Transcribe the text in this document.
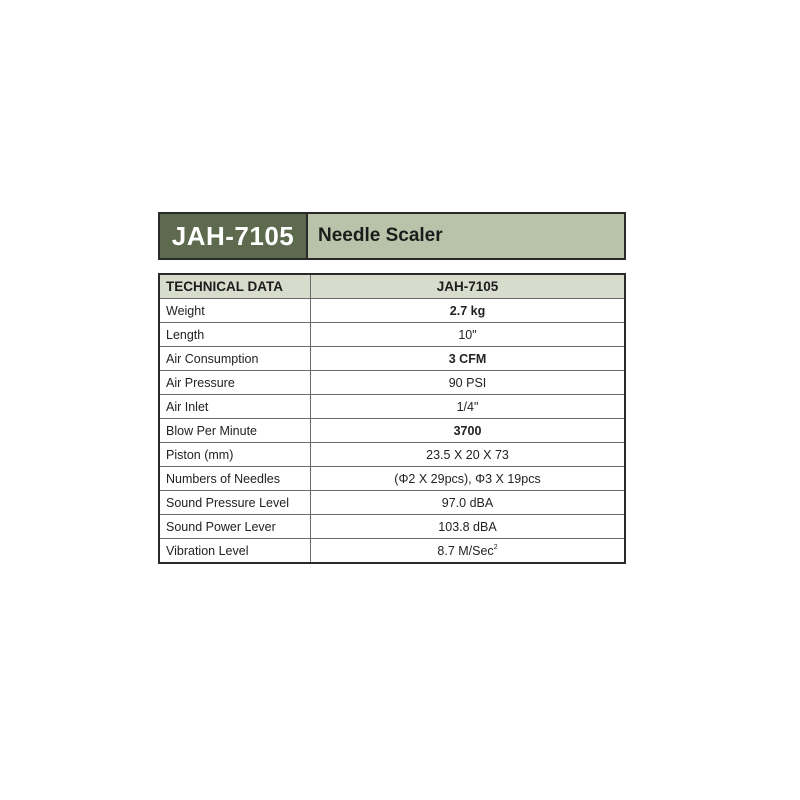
JAH-7105 Needle Scaler
TECHNICAL DATA	JAH-7105
Weight	2.7 kg
Length	10"
Air Consumption	3 CFM
Air Pressure	90 PSI
Air Inlet	1/4"
Blow Per Minute	3700
Piston (mm)	23.5 X 20 X 73
Numbers of Needles	(Φ2 X 29pcs), Φ3 X 19pcs
Sound Pressure Level	97.0 dBA
Sound Power Lever	103.8 dBA
Vibration Level	8.7 M/Sec$^2$
